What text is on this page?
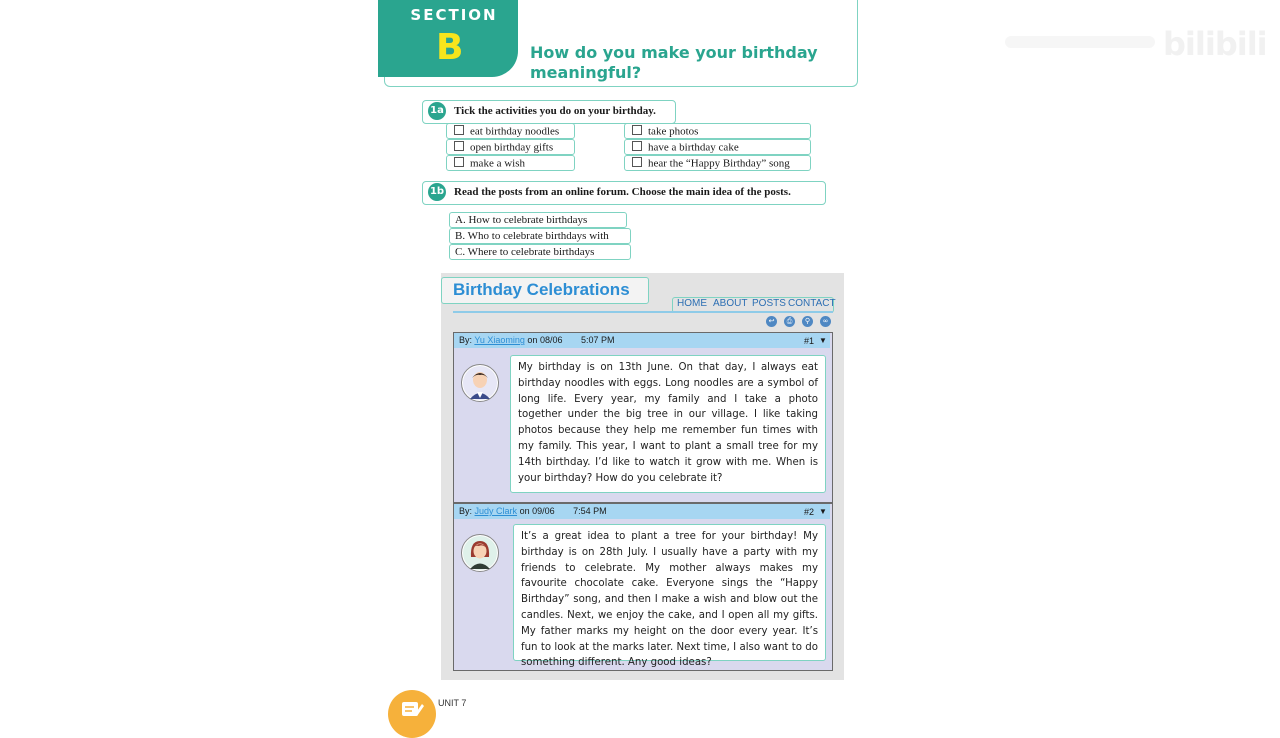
SECTION
B	How do you make your birthday meaningful?
bilibili
1a Tick the activities you do on your birthday.
eat birthday noodles
open birthday gifts
make a wish
take photos
have a birthday cake
hear the “Happy Birthday” song
1b Read the posts from an online forum. Choose the main idea of the posts.
A. How to celebrate birthdays
B. Who to celebrate birthdays with
C. Where to celebrate birthdays
Birthday Celebrations
HOME ABOUT POSTS CONTACT
↩	⎙	⚲	∞
By: Yu Xiaoming on 08/06 5:07 PM	#1 ▼
My birthday is on 13th June. On that day, I always eat birthday noodles with eggs. Long noodles are a symbol of long life. Every year, my family and I take a photo together under the big tree in our village. I like taking photos because they help me remember fun times with my family. This year, I want to plant a small tree for my 14th birthday. I’d like to watch it grow with me. When is your birthday? How do you celebrate it?
By: Judy Clark on 09/06 7:54 PM	#2 ▼
It’s a great idea to plant a tree for your birthday! My birthday is on 28th July. I usually have a party with my friends to celebrate. My mother always makes my favourite chocolate cake. Everyone sings the “Happy Birthday” song, and then I make a wish and blow out the candles. Next, we enjoy the cake, and I open all my gifts. My father marks my height on the door every year. It’s fun to look at the marks later. Next time, I also want to do something different. Any good ideas?
UNIT 7
